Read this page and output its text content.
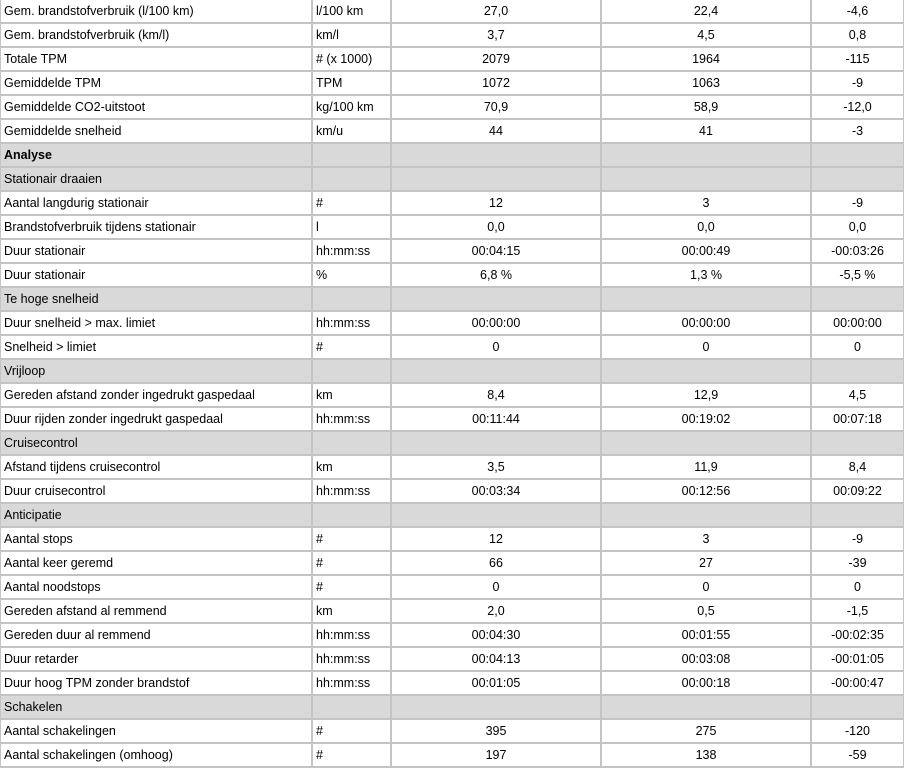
Gem. brandstofverbruik (l/100 km)	l/100 km	27,0	22,4	-4,6
Gem. brandstofverbruik (km/l)	km/l	3,7	4,5	0,8
Totale TPM	# (x 1000)	2079	1964	-115
Gemiddelde TPM	TPM	1072	1063	-9
Gemiddelde CO2-uitstoot	kg/100 km	70,9	58,9	-12,0
Gemiddelde snelheid	km/u	44	41	-3
Analyse				
Stationair draaien				
Aantal langdurig stationair	#	12	3	-9
Brandstofverbruik tijdens stationair	l	0,0	0,0	0,0
Duur stationair	hh:mm:ss	00:04:15	00:00:49	-00:03:26
Duur stationair	%	6,8 %	1,3 %	-5,5 %
Te hoge snelheid				
Duur snelheid > max. limiet	hh:mm:ss	00:00:00	00:00:00	00:00:00
Snelheid > limiet	#	0	0	0
Vrijloop				
Gereden afstand zonder ingedrukt gaspedaal	km	8,4	12,9	4,5
Duur rijden zonder ingedrukt gaspedaal	hh:mm:ss	00:11:44	00:19:02	00:07:18
Cruisecontrol				
Afstand tijdens cruisecontrol	km	3,5	11,9	8,4
Duur cruisecontrol	hh:mm:ss	00:03:34	00:12:56	00:09:22
Anticipatie				
Aantal stops	#	12	3	-9
Aantal keer geremd	#	66	27	-39
Aantal noodstops	#	0	0	0
Gereden afstand al remmend	km	2,0	0,5	-1,5
Gereden duur al remmend	hh:mm:ss	00:04:30	00:01:55	-00:02:35
Duur retarder	hh:mm:ss	00:04:13	00:03:08	-00:01:05
Duur hoog TPM zonder brandstof	hh:mm:ss	00:01:05	00:00:18	-00:00:47
Schakelen				
Aantal schakelingen	#	395	275	-120
Aantal schakelingen (omhoog)	#	197	138	-59
